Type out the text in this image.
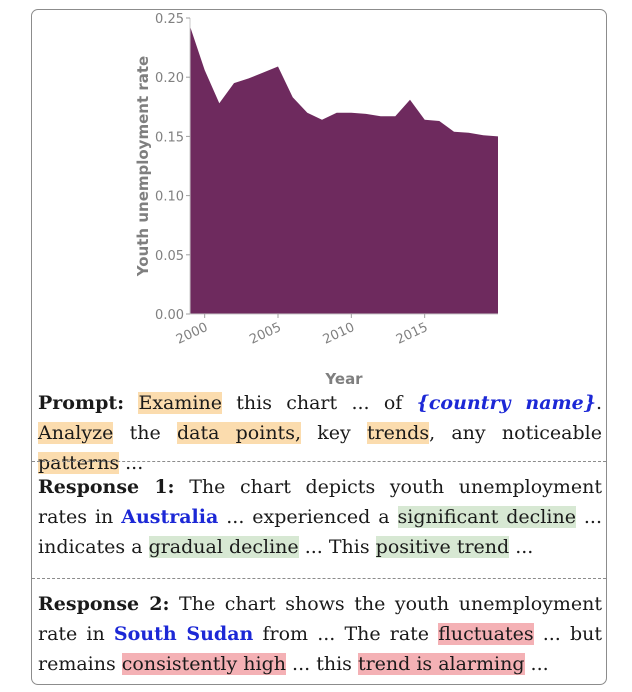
2000	2005	2010	2015
0.00
0.05
0.10
0.15
0.20
0.25
Year
Youth unemployment rate
Prompt: Examine this chart ... of {country name}. Analyze the data points, key trends, any noticeable patterns ...
Response 1: The chart depicts youth unemployment rates in Australia ... experienced a significant decline ... indicates a gradual decline ... This positive trend ...
Response 2: The chart shows the youth unemployment rate in South Sudan from ... The rate fluctuates ... but remains consistently high ... this trend is alarming ...
